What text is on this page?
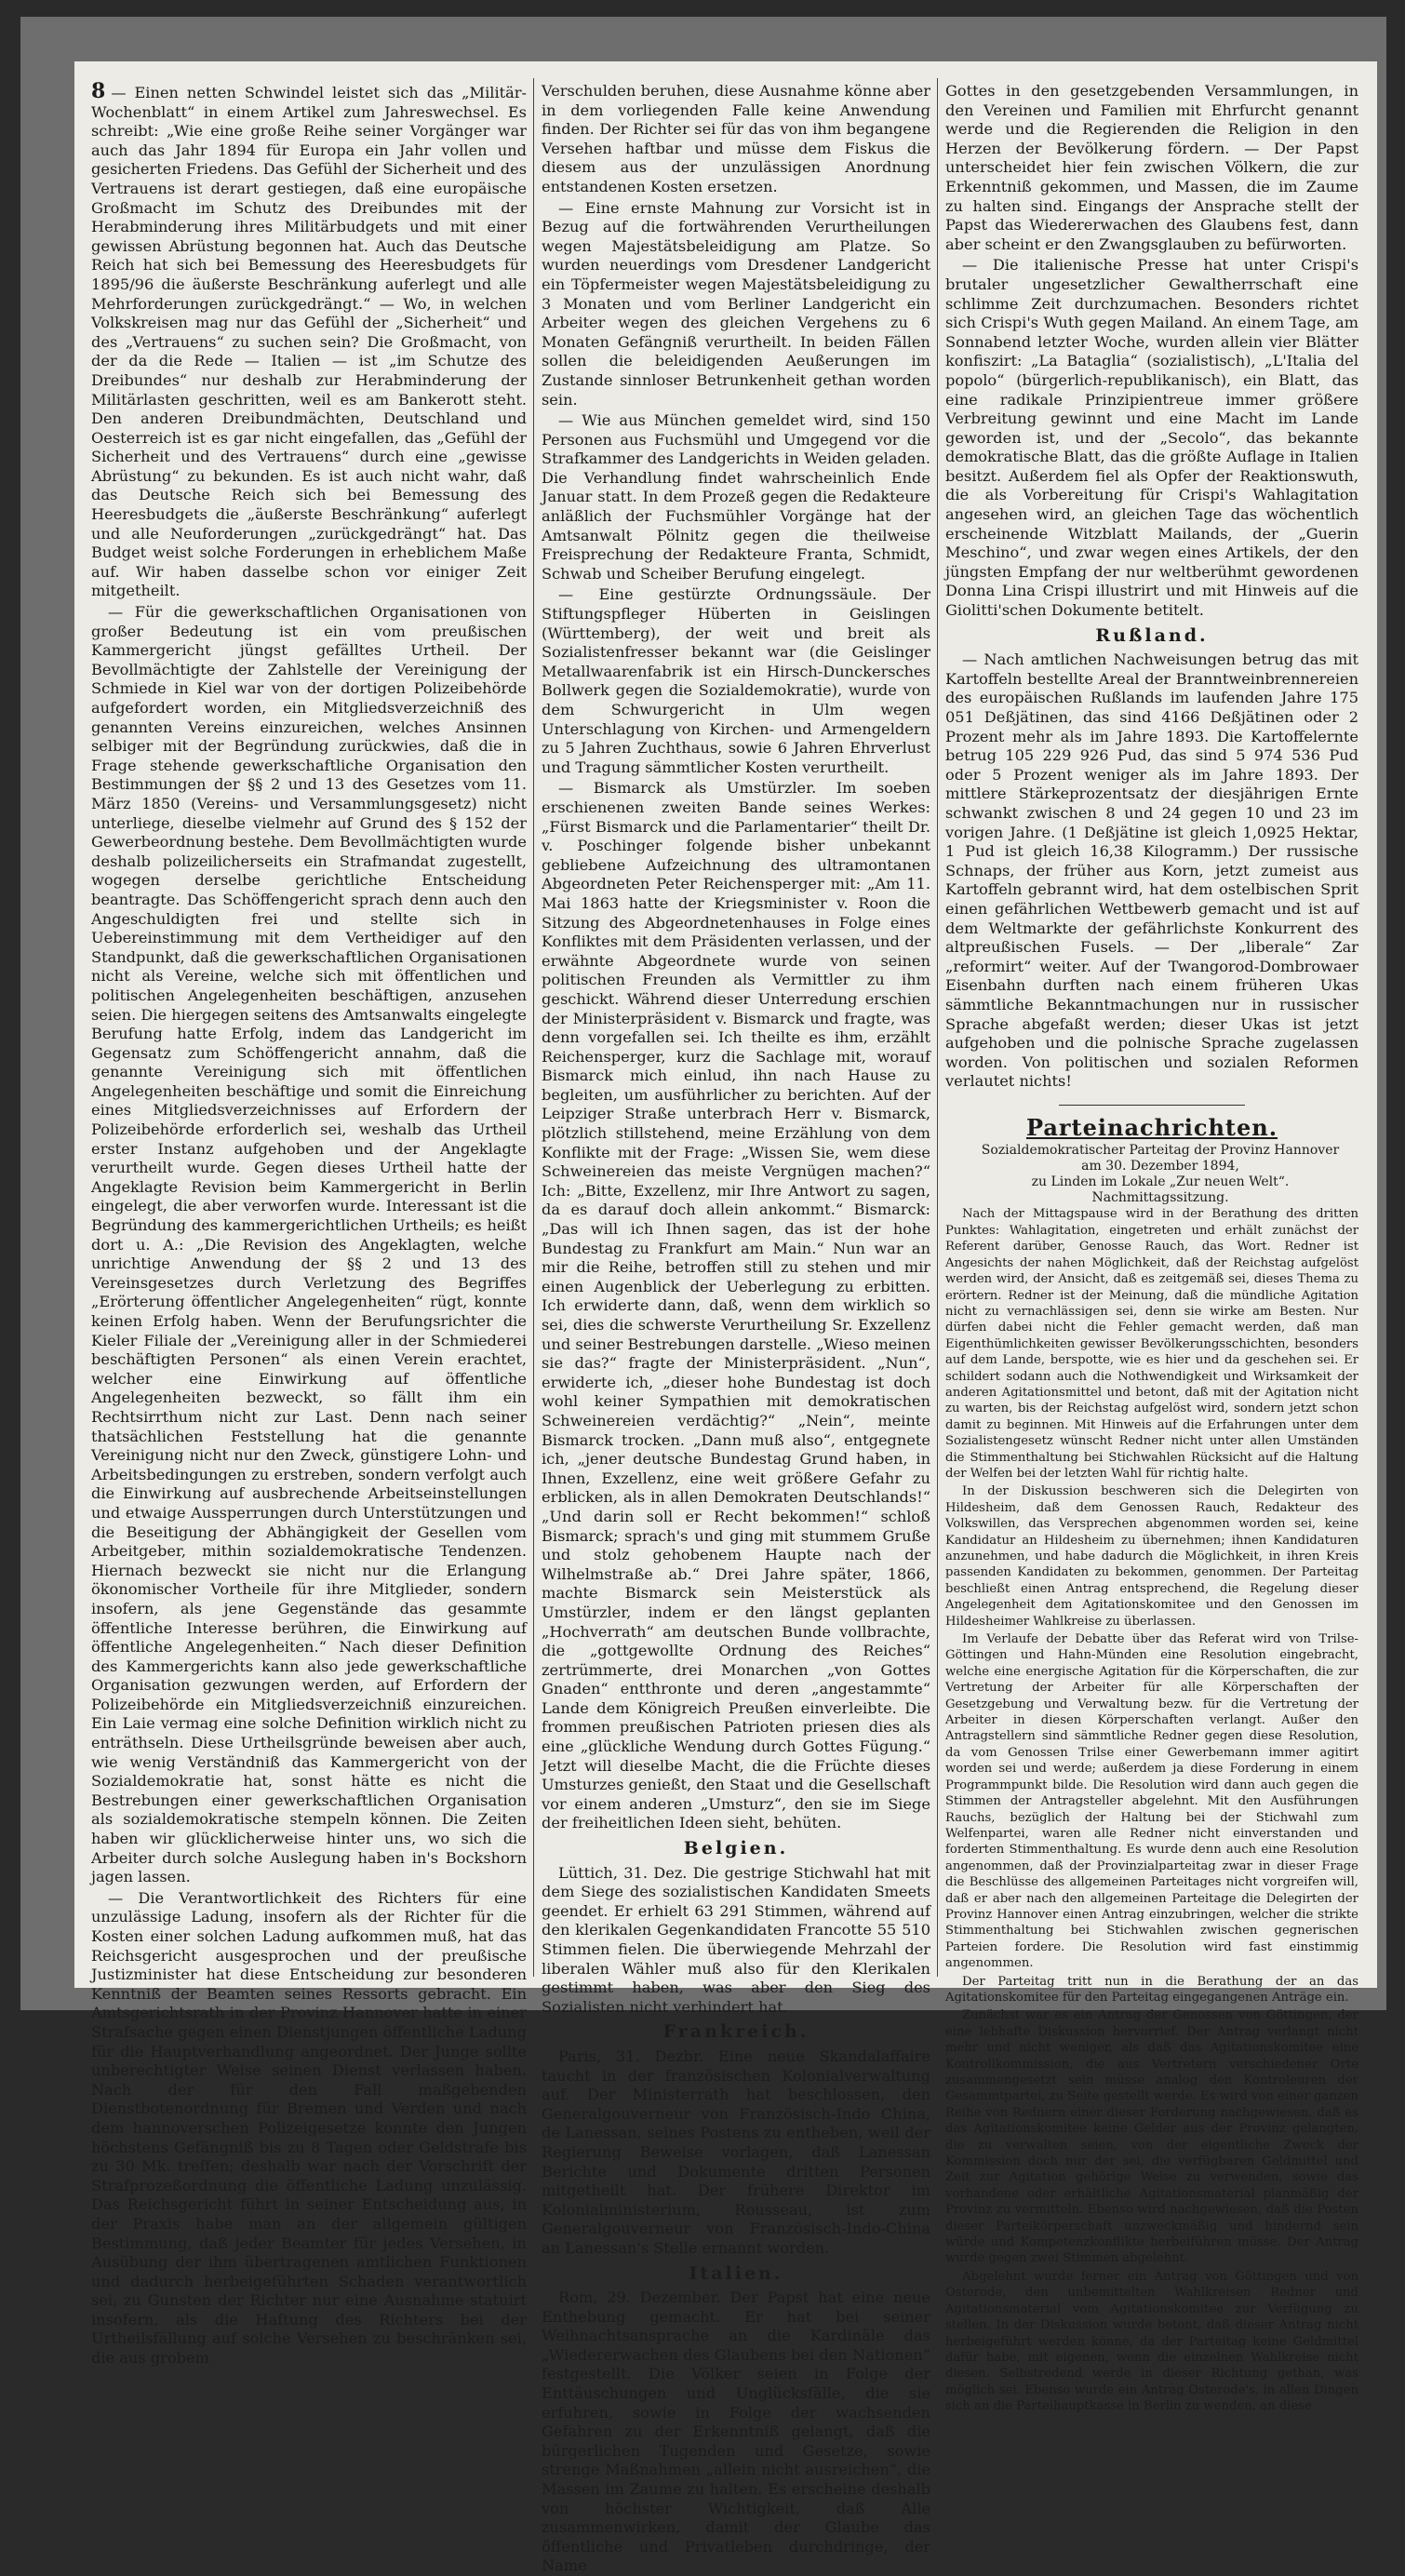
8 — Einen netten Schwindel leistet sich das „Militär-Wochenblatt“ in einem Artikel zum Jahreswechsel. Es schreibt: „Wie eine große Reihe seiner Vorgänger war auch das Jahr 1894 für Europa ein Jahr vollen und gesicherten Friedens. Das Gefühl der Sicherheit und des Vertrauens ist derart gestiegen, daß eine europäische Großmacht im Schutz des Dreibundes mit der Herabminderung ihres Militärbudgets und mit einer gewissen Abrüstung begonnen hat. Auch das Deutsche Reich hat sich bei Bemessung des Heeresbudgets für 1895/96 die äußerste Beschränkung auferlegt und alle Mehrforderungen zurückgedrängt.“ — Wo, in welchen Volkskreisen mag nur das Gefühl der „Sicherheit“ und des „Vertrauens“ zu suchen sein? Die Großmacht, von der da die Rede — Italien — ist „im Schutze des Dreibundes“ nur deshalb zur Herabminderung der Militärlasten geschritten, weil es am Bankerott steht. Den anderen Dreibundmächten, Deutschland und Oesterreich ist es gar nicht eingefallen, das „Gefühl der Sicherheit und des Vertrauens“ durch eine „gewisse Abrüstung“ zu bekunden. Es ist auch nicht wahr, daß das Deutsche Reich sich bei Bemessung des Heeresbudgets die „äußerste Beschränkung“ auferlegt und alle Neuforderungen „zurückgedrängt“ hat. Das Budget weist solche Forderungen in erheblichem Maße auf. Wir haben dasselbe schon vor einiger Zeit mitgetheilt.

— Für die gewerkschaftlichen Organisationen von großer Bedeutung ist ein vom preußischen Kammergericht jüngst gefälltes Urtheil. Der Bevollmächtigte der Zahlstelle der Vereinigung der Schmiede in Kiel war von der dortigen Polizeibehörde aufgefordert worden, ein Mitgliedsverzeichniß des genannten Vereins einzureichen, welches Ansinnen selbiger mit der Begründung zurückwies, daß die in Frage stehende gewerkschaftliche Organisation den Bestimmungen der §§ 2 und 13 des Gesetzes vom 11. März 1850 (Vereins- und Versammlungsgesetz) nicht unterliege, dieselbe vielmehr auf Grund des § 152 der Gewerbeordnung bestehe. Dem Bevollmächtigten wurde deshalb polizeilicherseits ein Strafmandat zugestellt, wogegen derselbe gerichtliche Entscheidung beantragte. Das Schöffengericht sprach denn auch den Angeschuldigten frei und stellte sich in Uebereinstimmung mit dem Vertheidiger auf den Standpunkt, daß die gewerkschaftlichen Organisationen nicht als Vereine, welche sich mit öffentlichen und politischen Angelegenheiten beschäftigen, anzusehen seien. Die hiergegen seitens des Amtsanwalts eingelegte Berufung hatte Erfolg, indem das Landgericht im Gegensatz zum Schöffengericht annahm, daß die genannte Vereinigung sich mit öffentlichen Angelegenheiten beschäftige und somit die Einreichung eines Mitgliedsverzeichnisses auf Erfordern der Polizeibehörde erforderlich sei, weshalb das Urtheil erster Instanz aufgehoben und der Angeklagte verurtheilt wurde. Gegen dieses Urtheil hatte der Angeklagte Revision beim Kammergericht in Berlin eingelegt, die aber verworfen wurde. Interessant ist die Begründung des kammergerichtlichen Urtheils; es heißt dort u. A.: „Die Revision des Angeklagten, welche unrichtige Anwendung der §§ 2 und 13 des Vereinsgesetzes durch Verletzung des Begriffes „Erörterung öffentlicher Angelegenheiten“ rügt, konnte keinen Erfolg haben. Wenn der Berufungsrichter die Kieler Filiale der „Vereinigung aller in der Schmiederei beschäftigten Personen“ als einen Verein erachtet, welcher eine Einwirkung auf öffentliche Angelegenheiten bezweckt, so fällt ihm ein Rechtsirrthum nicht zur Last. Denn nach seiner thatsächlichen Feststellung hat die genannte Vereinigung nicht nur den Zweck, günstigere Lohn- und Arbeitsbedingungen zu erstreben, sondern verfolgt auch die Einwirkung auf ausbrechende Arbeitseinstellungen und etwaige Aussperrungen durch Unterstützungen und die Beseitigung der Abhängigkeit der Gesellen vom Arbeitgeber, mithin sozialdemokratische Tendenzen. Hiernach bezweckt sie nicht nur die Erlangung ökonomischer Vortheile für ihre Mitglieder, sondern insofern, als jene Gegenstände das gesammte öffentliche Interesse berühren, die Einwirkung auf öffentliche Angelegenheiten.“ Nach dieser Definition des Kammergerichts kann also jede gewerkschaftliche Organisation gezwungen werden, auf Erfordern der Polizeibehörde ein Mitgliedsverzeichniß einzureichen. Ein Laie vermag eine solche Definition wirklich nicht zu enträthseln. Diese Urtheilsgründe beweisen aber auch, wie wenig Verständniß das Kammergericht von der Sozialdemokratie hat, sonst hätte es nicht die Bestrebungen einer gewerkschaftlichen Organisation als sozialdemokratische stempeln können. Die Zeiten haben wir glücklicherweise hinter uns, wo sich die Arbeiter durch solche Auslegung haben in's Bockshorn jagen lassen.

— Die Verantwortlichkeit des Richters für eine unzulässige Ladung, insofern als der Richter für die Kosten einer solchen Ladung aufkommen muß, hat das Reichsgericht ausgesprochen und der preußische Justizminister hat diese Entscheidung zur besonderen Kenntniß der Beamten seines Ressorts gebracht. Ein Amtsgerichtsrath in der Provinz Hannover hatte in einer Strafsache gegen einen Dienstjungen öffentliche Ladung für die Hauptverhandlung angeordnet. Der Junge sollte unberechtigter Weise seinen Dienst verlassen haben. Nach der für den Fall maßgebenden Dienstbotenordnung für Bremen und Verden und nach dem hannoverschen Polizeigesetze konnte den Jungen höchstens Gefängniß bis zu 8 Tagen oder Geldstrafe bis zu 30 Mk. treffen; deshalb war nach der Vorschrift der Strafprozeßordnung die öffentliche Ladung unzulässig. Das Reichsgericht führt in seiner Entscheidung aus, in der Praxis habe man an der allgemein gültigen Bestimmung, daß jeder Beamter für jedes Versehen, in Ausübung der ihm übertragenen amtlichen Funktionen und dadurch herbeigeführten Schaden verantwortlich sei, zu Gunsten der Richter nur eine Ausnahme statuirt insofern, als die Haftung des Richters bei der Urtheilsfällung auf solche Versehen zu beschränken sei, die aus grobem

Verschulden beruhen, diese Ausnahme könne aber in dem vorliegenden Falle keine Anwendung finden. Der Richter sei für das von ihm begangene Versehen haftbar und müsse dem Fiskus die diesem aus der unzulässigen Anordnung entstandenen Kosten ersetzen.

— Eine ernste Mahnung zur Vorsicht ist in Bezug auf die fortwährenden Verurtheilungen wegen Majestätsbeleidigung am Platze. So wurden neuerdings vom Dresdener Landgericht ein Töpfermeister wegen Majestätsbeleidigung zu 3 Monaten und vom Berliner Landgericht ein Arbeiter wegen des gleichen Vergehens zu 6 Monaten Gefängniß verurtheilt. In beiden Fällen sollen die beleidigenden Aeußerungen im Zustande sinnloser Betrunkenheit gethan worden sein.

— Wie aus München gemeldet wird, sind 150 Personen aus Fuchsmühl und Umgegend vor die Strafkammer des Landgerichts in Weiden geladen. Die Verhandlung findet wahrscheinlich Ende Januar statt. In dem Prozeß gegen die Redakteure anläßlich der Fuchsmühler Vorgänge hat der Amtsanwalt Pölnitz gegen die theilweise Freisprechung der Redakteure Franta, Schmidt, Schwab und Scheiber Berufung eingelegt.

— Eine gestürzte Ordnungssäule. Der Stiftungspfleger Hüberten in Geislingen (Württemberg), der weit und breit als Sozialistenfresser bekannt war (die Geislinger Metallwaarenfabrik ist ein Hirsch-Dunckersches Bollwerk gegen die Sozialdemokratie), wurde von dem Schwurgericht in Ulm wegen Unterschlagung von Kirchen- und Armengeldern zu 5 Jahren Zuchthaus, sowie 6 Jahren Ehrverlust und Tragung sämmtlicher Kosten verurtheilt.

— Bismarck als Umstürzler. Im soeben erschienenen zweiten Bande seines Werkes: „Fürst Bismarck und die Parlamentarier“ theilt Dr. v. Poschinger folgende bisher unbekannt gebliebene Aufzeichnung des ultramontanen Abgeordneten Peter Reichensperger mit: „Am 11. Mai 1863 hatte der Kriegsminister v. Roon die Sitzung des Abgeordnetenhauses in Folge eines Konfliktes mit dem Präsidenten verlassen, und der erwähnte Abgeordnete wurde von seinen politischen Freunden als Vermittler zu ihm geschickt. Während dieser Unterredung erschien der Ministerpräsident v. Bismarck und fragte, was denn vorgefallen sei. Ich theilte es ihm, erzählt Reichensperger, kurz die Sachlage mit, worauf Bismarck mich einlud, ihn nach Hause zu begleiten, um ausführlicher zu berichten. Auf der Leipziger Straße unterbrach Herr v. Bismarck, plötzlich stillstehend, meine Erzählung von dem Konflikte mit der Frage: „Wissen Sie, wem diese Schweinereien das meiste Vergnügen machen?“ Ich: „Bitte, Exzellenz, mir Ihre Antwort zu sagen, da es darauf doch allein ankommt.“ Bismarck: „Das will ich Ihnen sagen, das ist der hohe Bundestag zu Frankfurt am Main.“ Nun war an mir die Reihe, betroffen still zu stehen und mir einen Augenblick der Ueberlegung zu erbitten. Ich erwiderte dann, daß, wenn dem wirklich so sei, dies die schwerste Verurtheilung Sr. Exzellenz und seiner Bestrebungen darstelle. „Wieso meinen sie das?“ fragte der Ministerpräsident. „Nun“, erwiderte ich, „dieser hohe Bundestag ist doch wohl keiner Sympathien mit demokratischen Schweinereien verdächtig?“ „Nein“, meinte Bismarck trocken. „Dann muß also“, entgegnete ich, „jener deutsche Bundestag Grund haben, in Ihnen, Exzellenz, eine weit größere Gefahr zu erblicken, als in allen Demokraten Deutschlands!“ „Und darin soll er Recht bekommen!“ schloß Bismarck; sprach's und ging mit stummem Gruße und stolz gehobenem Haupte nach der Wilhelmstraße ab.“ Drei Jahre später, 1866, machte Bismarck sein Meisterstück als Umstürzler, indem er den längst geplanten „Hochverrath“ am deutschen Bunde vollbrachte, die „gottgewollte Ordnung des Reiches“ zertrümmerte, drei Monarchen „von Gottes Gnaden“ entthronte und deren „angestammte“ Lande dem Königreich Preußen einverleibte. Die frommen preußischen Patrioten priesen dies als eine „glückliche Wendung durch Gottes Fügung.“ Jetzt will dieselbe Macht, die die Früchte dieses Umsturzes genießt, den Staat und die Gesellschaft vor einem anderen „Umsturz“, den sie im Siege der freiheitlichen Ideen sieht, behüten.

Belgien.

Lüttich, 31. Dez. Die gestrige Stichwahl hat mit dem Siege des sozialistischen Kandidaten Smeets geendet. Er erhielt 63 291 Stimmen, während auf den klerikalen Gegenkandidaten Francotte 55 510 Stimmen fielen. Die überwiegende Mehrzahl der liberalen Wähler muß also für den Klerikalen gestimmt haben, was aber den Sieg des Sozialisten nicht verhindert hat.

Frankreich.

Paris, 31. Dezbr. Eine neue Skandalaffaire taucht in der französischen Kolonialverwaltung auf. Der Ministerrath hat beschlossen, den Generalgouverneur von Französisch-Indo China, de Lanessan, seines Postens zu entheben, weil der Regierung Beweise vorlagen, daß Lanessan Berichte und Dokumente dritten Personen mitgetheilt hat. Der frühere Direktor im Kolonialministerium, Rousseau, ist zum Generalgouverneur von Französisch-Indo-China an Lanessan's Stelle ernannt worden.

Italien.

Rom, 29. Dezember. Der Papst hat eine neue Enthebung gemacht. Er hat bei seiner Weihnachtsansprache an die Kardinäle das „Wiedererwachen des Glaubens bei den Nationen“ festgestellt. Die Völker seien in Folge der Enttäuschungen und Unglücksfälle, die sie erfuhren, sowie in Folge der wachsenden Gefahren zu der Erkenntniß gelangt, daß die bürgerlichen Tugenden und Gesetze, sowie strenge Maßnahmen „allein nicht ausreichen“, die Massen im Zaume zu halten. Es erscheine deshalb von höchster Wichtigkeit, daß Alle zusammenwirken, damit der Glaube das öffentliche und Privatleben durchdringe, der Name

Gottes in den gesetzgebenden Versammlungen, in den Vereinen und Familien mit Ehrfurcht genannt werde und die Regierenden die Religion in den Herzen der Bevölkerung fördern. — Der Papst unterscheidet hier fein zwischen Völkern, die zur Erkenntniß gekommen, und Massen, die im Zaume zu halten sind. Eingangs der Ansprache stellt der Papst das Wiedererwachen des Glaubens fest, dann aber scheint er den Zwangsglauben zu befürworten.

— Die italienische Presse hat unter Crispi's brutaler ungesetzlicher Gewaltherrschaft eine schlimme Zeit durchzumachen. Besonders richtet sich Crispi's Wuth gegen Mailand. An einem Tage, am Sonnabend letzter Woche, wurden allein vier Blätter konfiszirt: „La Bataglia“ (sozialistisch), „L'Italia del popolo“ (bürgerlich-republikanisch), ein Blatt, das eine radikale Prinzipientreue immer größere Verbreitung gewinnt und eine Macht im Lande geworden ist, und der „Secolo“, das bekannte demokratische Blatt, das die größte Auflage in Italien besitzt. Außerdem fiel als Opfer der Reaktionswuth, die als Vorbereitung für Crispi's Wahlagitation angesehen wird, an gleichen Tage das wöchentlich erscheinende Witzblatt Mailands, der „Guerin Meschino“, und zwar wegen eines Artikels, der den jüngsten Empfang der nur weltberühmt gewordenen Donna Lina Crispi illustrirt und mit Hinweis auf die Giolitti'schen Dokumente betitelt.

Rußland.

— Nach amtlichen Nachweisungen betrug das mit Kartoffeln bestellte Areal der Branntweinbrennereien des europäischen Rußlands im laufenden Jahre 175 051 Deßjätinen, das sind 4166 Deßjätinen oder 2 Prozent mehr als im Jahre 1893. Die Kartoffelernte betrug 105 229 926 Pud, das sind 5 974 536 Pud oder 5 Prozent weniger als im Jahre 1893. Der mittlere Stärkeprozentsatz der diesjährigen Ernte schwankt zwischen 8 und 24 gegen 10 und 23 im vorigen Jahre. (1 Deßjätine ist gleich 1,0925 Hektar, 1 Pud ist gleich 16,38 Kilogramm.) Der russische Schnaps, der früher aus Korn, jetzt zumeist aus Kartoffeln gebrannt wird, hat dem ostelbischen Sprit einen gefährlichen Wettbewerb gemacht und ist auf dem Weltmarkte der gefährlichste Konkurrent des altpreußischen Fusels. — Der „liberale“ Zar „reformirt“ weiter. Auf der Twangorod-Dombrowaer Eisenbahn durften nach einem früheren Ukas sämmtliche Bekanntmachungen nur in russischer Sprache abgefaßt werden; dieser Ukas ist jetzt aufgehoben und die polnische Sprache zugelassen worden. Von politischen und sozialen Reformen verlautet nichts!

Parteinachrichten.

Sozialdemokratischer Parteitag der Provinz Hannover

am 30. Dezember 1894,

zu Linden im Lokale „Zur neuen Welt“.

Nachmittagssitzung.

Nach der Mittagspause wird in der Berathung des dritten Punktes: Wahlagitation, eingetreten und erhält zunächst der Referent darüber, Genosse Rauch, das Wort. Redner ist Angesichts der nahen Möglichkeit, daß der Reichstag aufgelöst werden wird, der Ansicht, daß es zeitgemäß sei, dieses Thema zu erörtern. Redner ist der Meinung, daß die mündliche Agitation nicht zu vernachlässigen sei, denn sie wirke am Besten. Nur dürfen dabei nicht die Fehler gemacht werden, daß man Eigenthümlichkeiten gewisser Bevölkerungsschichten, besonders auf dem Lande, berspotte, wie es hier und da geschehen sei. Er schildert sodann auch die Nothwendigkeit und Wirksamkeit der anderen Agitationsmittel und betont, daß mit der Agitation nicht zu warten, bis der Reichstag aufgelöst wird, sondern jetzt schon damit zu beginnen. Mit Hinweis auf die Erfahrungen unter dem Sozialistengesetz wünscht Redner nicht unter allen Umständen die Stimmenthaltung bei Stichwahlen Rücksicht auf die Haltung der Welfen bei der letzten Wahl für richtig halte.

In der Diskussion beschweren sich die Delegirten von Hildesheim, daß dem Genossen Rauch, Redakteur des Volkswillen, das Versprechen abgenommen worden sei, keine Kandidatur an Hildesheim zu übernehmen; ihnen Kandidaturen anzunehmen, und habe dadurch die Möglichkeit, in ihren Kreis passenden Kandidaten zu bekommen, genommen. Der Parteitag beschließt einen Antrag entsprechend, die Regelung dieser Angelegenheit dem Agitationskomitee und den Genossen im Hildesheimer Wahlkreise zu überlassen.

Im Verlaufe der Debatte über das Referat wird von Trilse-Göttingen und Hahn-Münden eine Resolution eingebracht, welche eine energische Agitation für die Körperschaften, die zur Vertretung der Arbeiter für alle Körperschaften der Gesetzgebung und Verwaltung bezw. für die Vertretung der Arbeiter in diesen Körperschaften verlangt. Außer den Antragstellern sind sämmtliche Redner gegen diese Resolution, da vom Genossen Trilse einer Gewerbemann immer agitirt worden sei und werde; außerdem ja diese Forderung in einem Programmpunkt bilde. Die Resolution wird dann auch gegen die Stimmen der Antragsteller abgelehnt. Mit den Ausführungen Rauchs, bezüglich der Haltung bei der Stichwahl zum Welfenpartei, waren alle Redner nicht einverstanden und forderten Stimmenthaltung. Es wurde denn auch eine Resolution angenommen, daß der Provinzialparteitag zwar in dieser Frage die Beschlüsse des allgemeinen Parteitages nicht vorgreifen will, daß er aber nach den allgemeinen Parteitage die Delegirten der Provinz Hannover einen Antrag einzubringen, welcher die strikte Stimmenthaltung bei Stichwahlen zwischen gegnerischen Parteien fordere. Die Resolution wird fast einstimmig angenommen.

Der Parteitag tritt nun in die Berathung der an das Agitationskomitee für den Parteitag eingegangenen Anträge ein.

Zunächst war es ein Antrag der Genossen von Göttingen, der eine lebhafte Diskussion hervorrief. Der Antrag verlangt nicht mehr und nicht weniger, als daß das Agitationskomitee eine Kontrollkommission, die aus Vertretern verschiedener Orte zusammengesetzt sein müsse analog den Kontroleuren der Gesammtpartei, zu Seite gestellt werde. Es wird von einer ganzen Reihe von Rednern einer dieser Forderung nachgewiesen, daß es das Agitationskomitee keine Gelder aus der Provinz gelangten, die zu verwalten seien, von der eigentliche Zweck der Kommission doch nur der sei, die verfügbaren Geldmittel und Zeit zur Agitation gehörige Weise zu verwenden, sowie das vorhandene oder erhältliche Agitationsmaterial planmäßig der Provinz zu vermitteln. Ebenso wird nachgewiesen, daß die Posten dieser Parteikörperschaft unzweckmäßig und hindernd sein würde und Kompetenzkonflikte herbeiführen müsse. Der Antrag wurde gegen zwei Stimmen abgelehnt.

Abgelehnt wurde ferner ein Antrag von Göttingen und von Osterode, den unbemittelten Wahlkreisen Redner und Agitationsmaterial vom Agitationskomitee zur Verfügung zu stellen. In der Diskussion wurde betont, daß dieser Antrag nicht herbeigeführt werden könne, da der Parteitag keine Geldmittel dafür habe, mit eigenen, wenn die einzelnen Wahlkreise nicht diesen. Selbstredend werde in dieser Richtung gethan, was möglich sei. Ebenso wurde ein Antrag Osterode's, in allen Dingen sich an die Parteihauptkasse in Berlin zu wenden, an diese
